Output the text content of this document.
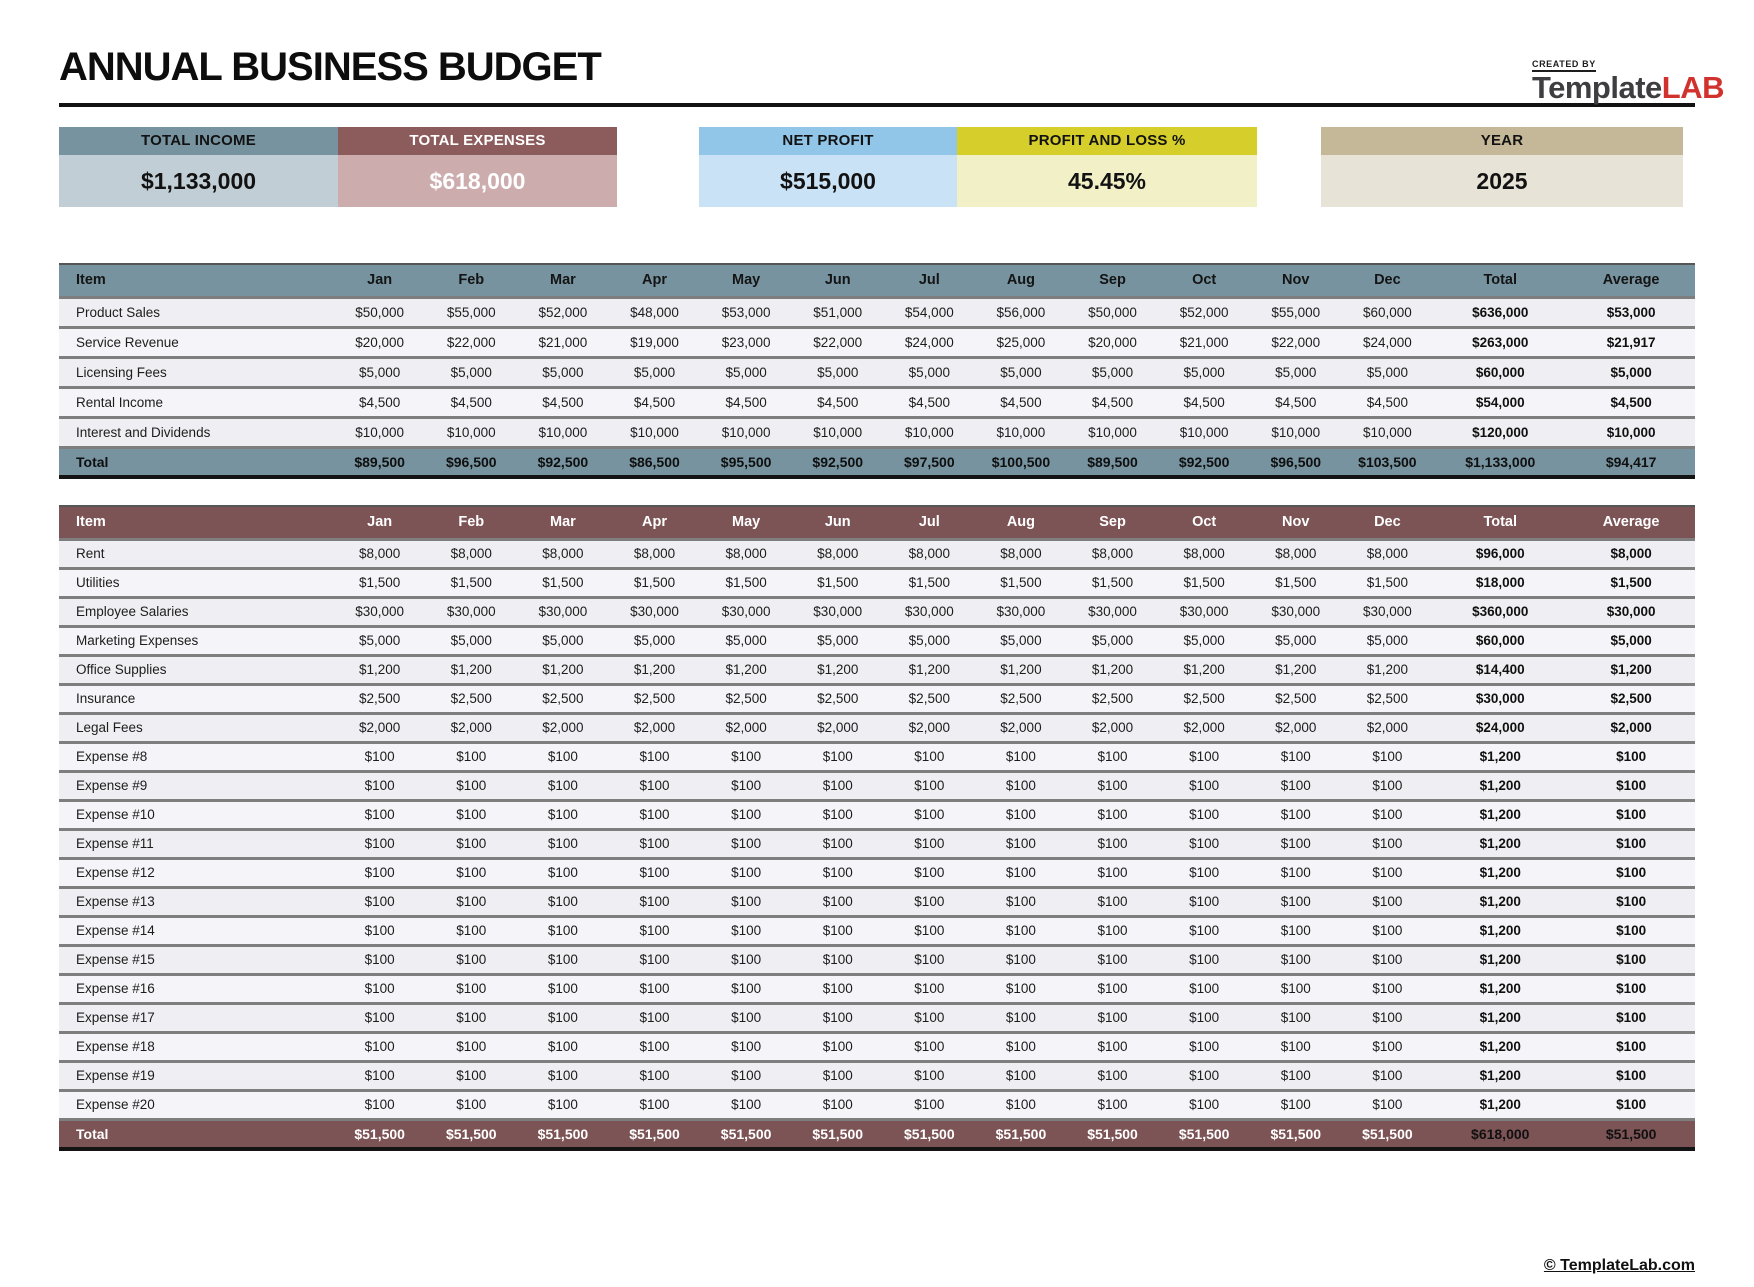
CREATED BY
TemplateLAB
ANNUAL BUSINESS BUDGET
TOTAL INCOME
$1,133,000
TOTAL EXPENSES
$618,000
NET PROFIT
$515,000
PROFIT AND LOSS %
45.45%
YEAR
2025
Item	Jan	Feb	Mar	Apr	May	Jun	Jul	Aug	Sep	Oct	Nov	Dec	Total	Average
Product Sales	$50,000	$55,000	$52,000	$48,000	$53,000	$51,000	$54,000	$56,000	$50,000	$52,000	$55,000	$60,000	$636,000	$53,000
Service Revenue	$20,000	$22,000	$21,000	$19,000	$23,000	$22,000	$24,000	$25,000	$20,000	$21,000	$22,000	$24,000	$263,000	$21,917
Licensing Fees	$5,000	$5,000	$5,000	$5,000	$5,000	$5,000	$5,000	$5,000	$5,000	$5,000	$5,000	$5,000	$60,000	$5,000
Rental Income	$4,500	$4,500	$4,500	$4,500	$4,500	$4,500	$4,500	$4,500	$4,500	$4,500	$4,500	$4,500	$54,000	$4,500
Interest and Dividends	$10,000	$10,000	$10,000	$10,000	$10,000	$10,000	$10,000	$10,000	$10,000	$10,000	$10,000	$10,000	$120,000	$10,000
Total	$89,500	$96,500	$92,500	$86,500	$95,500	$92,500	$97,500	$100,500	$89,500	$92,500	$96,500	$103,500	$1,133,000	$94,417
Item	Jan	Feb	Mar	Apr	May	Jun	Jul	Aug	Sep	Oct	Nov	Dec	Total	Average
Rent	$8,000	$8,000	$8,000	$8,000	$8,000	$8,000	$8,000	$8,000	$8,000	$8,000	$8,000	$8,000	$96,000	$8,000
Utilities	$1,500	$1,500	$1,500	$1,500	$1,500	$1,500	$1,500	$1,500	$1,500	$1,500	$1,500	$1,500	$18,000	$1,500
Employee Salaries	$30,000	$30,000	$30,000	$30,000	$30,000	$30,000	$30,000	$30,000	$30,000	$30,000	$30,000	$30,000	$360,000	$30,000
Marketing Expenses	$5,000	$5,000	$5,000	$5,000	$5,000	$5,000	$5,000	$5,000	$5,000	$5,000	$5,000	$5,000	$60,000	$5,000
Office Supplies	$1,200	$1,200	$1,200	$1,200	$1,200	$1,200	$1,200	$1,200	$1,200	$1,200	$1,200	$1,200	$14,400	$1,200
Insurance	$2,500	$2,500	$2,500	$2,500	$2,500	$2,500	$2,500	$2,500	$2,500	$2,500	$2,500	$2,500	$30,000	$2,500
Legal Fees	$2,000	$2,000	$2,000	$2,000	$2,000	$2,000	$2,000	$2,000	$2,000	$2,000	$2,000	$2,000	$24,000	$2,000
Expense #8	$100	$100	$100	$100	$100	$100	$100	$100	$100	$100	$100	$100	$1,200	$100
Expense #9	$100	$100	$100	$100	$100	$100	$100	$100	$100	$100	$100	$100	$1,200	$100
Expense #10	$100	$100	$100	$100	$100	$100	$100	$100	$100	$100	$100	$100	$1,200	$100
Expense #11	$100	$100	$100	$100	$100	$100	$100	$100	$100	$100	$100	$100	$1,200	$100
Expense #12	$100	$100	$100	$100	$100	$100	$100	$100	$100	$100	$100	$100	$1,200	$100
Expense #13	$100	$100	$100	$100	$100	$100	$100	$100	$100	$100	$100	$100	$1,200	$100
Expense #14	$100	$100	$100	$100	$100	$100	$100	$100	$100	$100	$100	$100	$1,200	$100
Expense #15	$100	$100	$100	$100	$100	$100	$100	$100	$100	$100	$100	$100	$1,200	$100
Expense #16	$100	$100	$100	$100	$100	$100	$100	$100	$100	$100	$100	$100	$1,200	$100
Expense #17	$100	$100	$100	$100	$100	$100	$100	$100	$100	$100	$100	$100	$1,200	$100
Expense #18	$100	$100	$100	$100	$100	$100	$100	$100	$100	$100	$100	$100	$1,200	$100
Expense #19	$100	$100	$100	$100	$100	$100	$100	$100	$100	$100	$100	$100	$1,200	$100
Expense #20	$100	$100	$100	$100	$100	$100	$100	$100	$100	$100	$100	$100	$1,200	$100
Total	$51,500	$51,500	$51,500	$51,500	$51,500	$51,500	$51,500	$51,500	$51,500	$51,500	$51,500	$51,500	$618,000	$51,500
© TemplateLab.com
